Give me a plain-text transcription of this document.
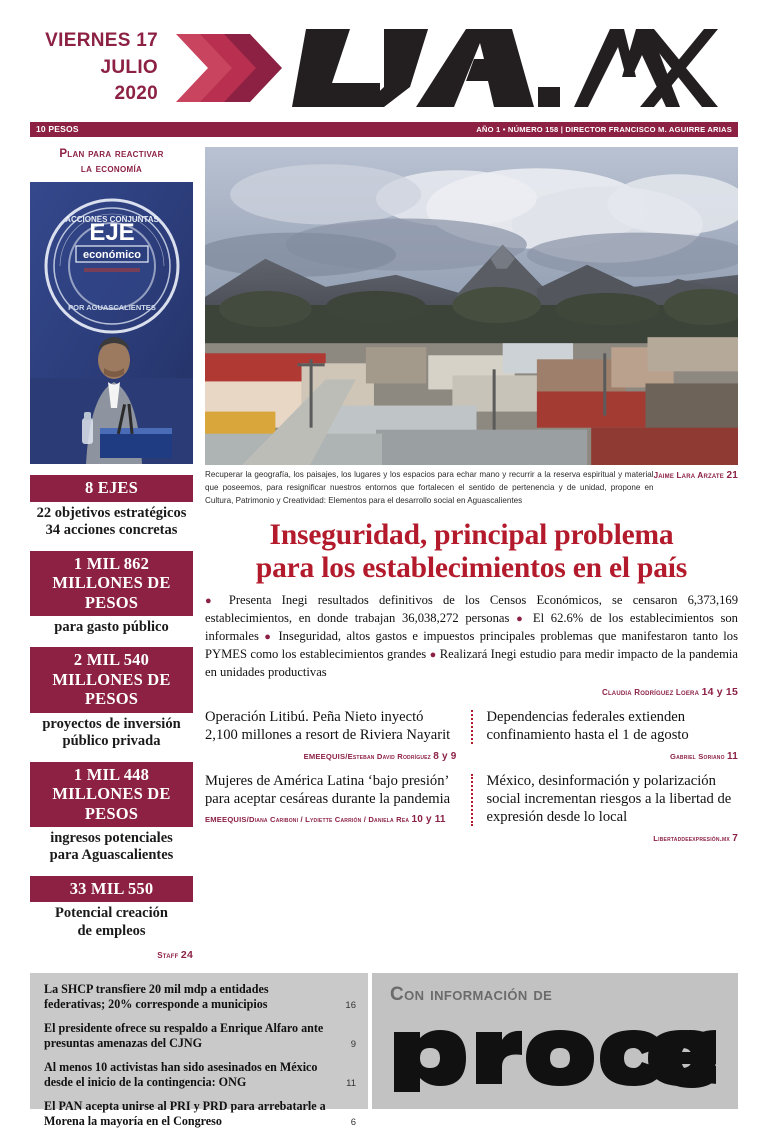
VIERNES 17
JULIO
2020
10 PESOS	AÑO 1 • NÚMERO 158 | DIRECTOR FRANCISCO M. AGUIRRE ARIAS
Plan para reactivar
la economía
EJE
económico
ACCIONES CONJUNTAS
POR AGUASCALIENTES
8 EJES
22 objetivos estratégicos
34 acciones concretas
1 MIL 862
MILLONES DE PESOS
para gasto público
2 MIL 540
MILLONES DE PESOS
proyectos de inversión
público privada
1 MIL 448
MILLONES DE PESOS
ingresos potenciales
para Aguascalientes
33 MIL 550
Potencial creación
de empleos
Staff 24
Jaime Lara Arzate 21
Recuperar la geografía, los paisajes, los lugares y los espacios para echar mano y recurrir a la reserva espiritual y material que poseemos, para resignificar nuestros entornos que fortalecen el sentido de pertenencia y de unidad, propone en Cultura, Patrimonio y Creatividad: Elementos para el desarrollo social en Aguascalientes
Inseguridad, principal problema
para los establecimientos en el país
● Presenta Inegi resultados definitivos de los Censos Económicos, se censaron 6,373,169 establecimientos, en donde trabajan 36,038,272 personas ● El 62.6% de los establecimientos son informales ● Inseguridad, altos gastos e impuestos principales problemas que manifestaron tanto los PYMES como los establecimientos grandes ● Realizará Inegi estudio para medir impacto de la pandemia en unidades productivas
Claudia Rodríguez Loera 14 y 15
Operación Litibú. Peña Nieto inyectó 2,100 millones a resort de Riviera Nayarit
EMEEQUIS/Esteban David Rodríguez 8 y 9
Dependencias federales extienden confinamiento hasta el 1 de agosto
Gabriel Soriano 11
Mujeres de América Latina ‘bajo presión’ para aceptar cesáreas durante la pandemia
EMEEQUIS/Diana Cariboni / Lydiette Carrión / Daniela Rea 10 y 11
México, desinformación y polarización social incrementan riesgos a la libertad de expresión desde lo local
Libertaddeexpresión.mx 7
La SHCP transfiere 20 mil mdp a entidades federativas; 20% corresponde a municipios	16
El presidente ofrece su respaldo a Enrique Alfaro ante presuntas amenazas del CJNG	9
Al menos 10 activistas han sido asesinados en México desde el inicio de la contingencia: ONG	11
El PAN acepta unirse al PRI y PRD para arrebatarle a Morena la mayoría en el Congreso	6
Con información de
